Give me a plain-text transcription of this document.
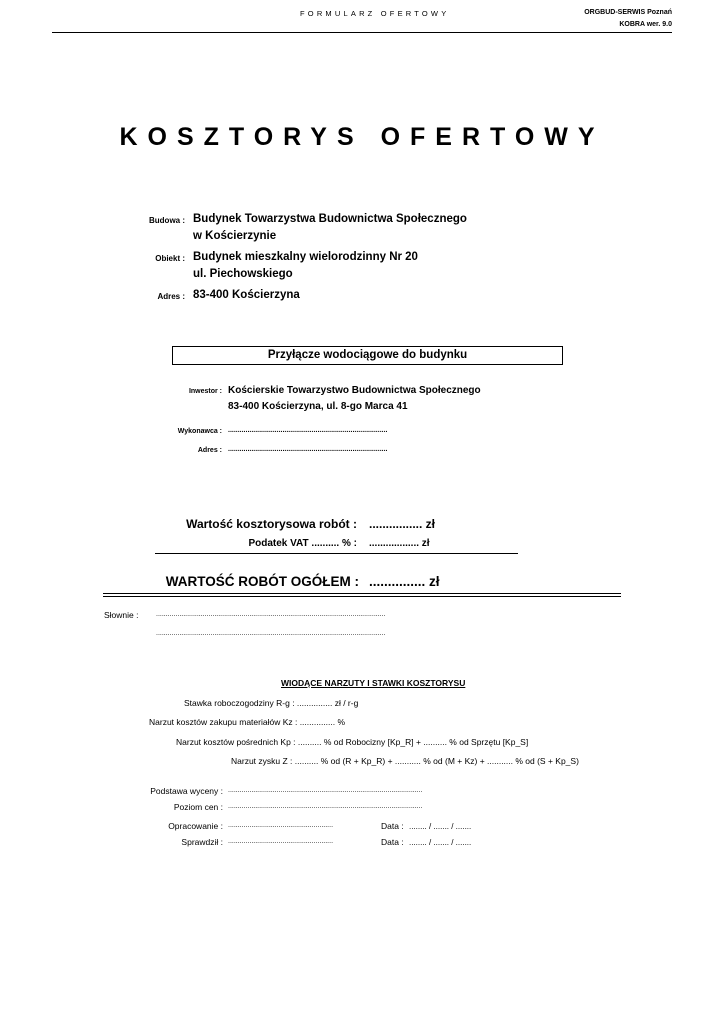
FORMULARZ OFERTOWY	ORGBUD-SERWIS Poznań
KOBRA wer. 9.0
KOSZTORYS OFERTOWY
Budowa : Budynek Towarzystwa Budownictwa Społecznego
w Kościerzynie
Obiekt : Budynek mieszkalny wielorodzinny Nr 20
ul. Piechowskiego
Adres : 83-400 Kościerzyna
Przyłącze wodociągowe do budynku
Inwestor : Kościerskie Towarzystwo Budownictwa Społecznego
83-400 Kościerzyna, ul. 8-go Marca 41
Wykonawca : ..................................................................................
Adres : ..................................................................................
Wartość kosztorysowa robót : ................ zł
Podatek VAT .......... % : .................. zł
WARTOŚĆ ROBÓT OGÓŁEM : ............... zł
Słownie :	......................................................................................................................
......................................................................................................................
WIODĄCE NARZUTY I STAWKI KOSZTORYSU
Stawka roboczogodziny R-g : ............... zł / r-g
Narzut kosztów zakupu materiałów Kz : ............... %
Narzut kosztów pośrednich Kp : .......... % od Robocizny [Kp_R] + .......... % od Sprzętu [Kp_S]
Narzut zysku Z : .......... % od (R + Kp_R) + ........... % od (M + Kz) + ........... % od (S + Kp_S)
Podstawa wyceny : ....................................................................................................
Poziom cen : ....................................................................................................
Opracowanie : ......................................................	Data : ........ / ....... / .......
Sprawdził : ......................................................	Data : ........ / ....... / .......
